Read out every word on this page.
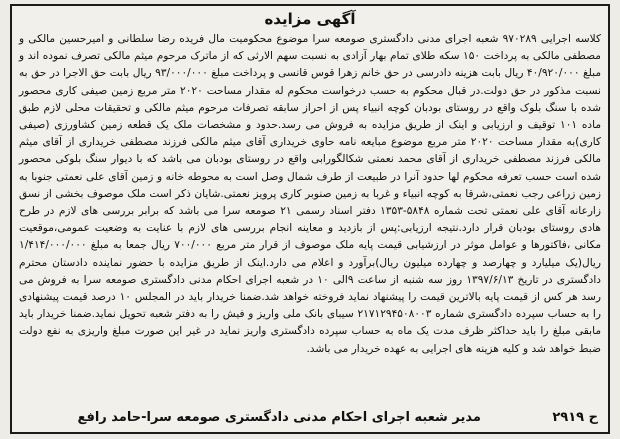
آگهی مزایده
کلاسه اجرایی ۹۷۰۲۸۹ شعبه اجرای مدنی دادگستری صومعه سرا موضوع محکومیت مال فریده رضا سلطانی و امیرحسین مالکی و مصطفی مالکی به پرداخت ۱۵۰ سکه طلای تمام بهار آزادی به نسبت سهم الارثی که از ماترک مرحوم میثم مالکی تصرف نموده اند و مبلغ ۴۰/۹۲۰/۰۰۰ ریال بابت هزینه دادرسی در حق خانم زهرا قوس قانسی و پرداخت مبلغ ۹۳/۰۰۰/۰۰۰ ریال بابت حق الاجرا در حق به نسبت مذکور در حق دولت.در قبال محکوم به حسب درخواست محکوم له مقدار مساحت ۲۰۲۰ متر مربع زمین صیفی کاری محصور شده با سنگ بلوک واقع در روستای بودبان کوچه انبیاء پس از احراز سابقه تصرفات مرحوم میثم مالکی و تحقیقات محلی لازم طبق ماده ۱۰۱ توقیف و ارزیابی و اینک از طریق مزایده به فروش می رسد.حدود و مشخصات ملک یک قطعه زمین کشاورزی (صیفی کاری)به مقدار مساحت ۲۰۲۰ متر مربع موضوع مبایعه نامه حاوی خریداری آقای میثم مالکی فرزند مصطفی خریداری از آقای میثم مالکی فرزند مصطفی خریداری از آقای محمد نعمتی شکالگورابی واقع در روستای بودبان می باشد که با دیوار سنگ بلوکی محصور شده است حسب تعرفه محکوم لها حدود آنرا در طبیعت از طرف شمال وصل است به محوطه خانه و زمین آقای علی نعمتی جنوبا به زمین زراعی رجب نعمتی،شرقا به کوچه انبیاء و غربا به زمین صنوبر کاری پرویز نعمتی.شایان ذکر است ملک موصوف بخشی از نسق زارعانه آقای علی نعمتی تحت شماره ۵۸۴۸-۱۳۵۳ دفتر اسناد رسمی ۲۱ صومعه سرا می باشد که برابر بررسی های لازم در طرح هادی روستای بودبان قرار دارد.نتیجه ارزیابی:پس از بازدید و معاینه انجام بررسی های لازم با عنایت به وضعیت عمومی،موقعیت مکانی ،فاکتورها و عوامل موثر در ارزشیابی قیمت پایه ملک موصوف از قرار متر مربع ۷۰۰/۰۰۰ ریال جمعا به مبلغ ۱/۴۱۴/۰۰۰/۰۰۰ ریال(یک میلیارد و چهارصد و چهارده میلیون ریال)برآورد و اعلام می دارد.اینک از طریق مزایده با حضور نماینده دادستان محترم دادگستری در تاریخ ۱۳۹۷/۶/۱۳ روز سه شنبه از ساعت ۹الی ۱۰ در شعبه اجرای احکام مدنی دادگستری صومعه سرا به فروش می رسد هر کس از قیمت پایه بالاترین قیمت را پیشنهاد نماید فروخته خواهد شد.ضمنا خریدار باید در المجلس ۱۰ درصد قیمت پیشنهادی را به حساب سپرده دادگستری شماره ۲۱۷۱۲۹۴۵۰۸۰۰۳ سیبای بانک ملی واریز و فیش را به دفتر شعبه تحویل نماید.ضمنا خریدار باید مابقی مبلغ را باید حداکثر ظرف مدت یک ماه به حساب سپرده دادگستری واریز نماید در غیر این صورت مبلغ واریزی به نفع دولت ضبط خواهد شد و کلیه هزینه های اجرایی به عهده خریدار می باشد.
ح ۲۹۱۹
مدیر شعبه اجرای احکام مدنی دادگستری صومعه سرا-حامد رافع
